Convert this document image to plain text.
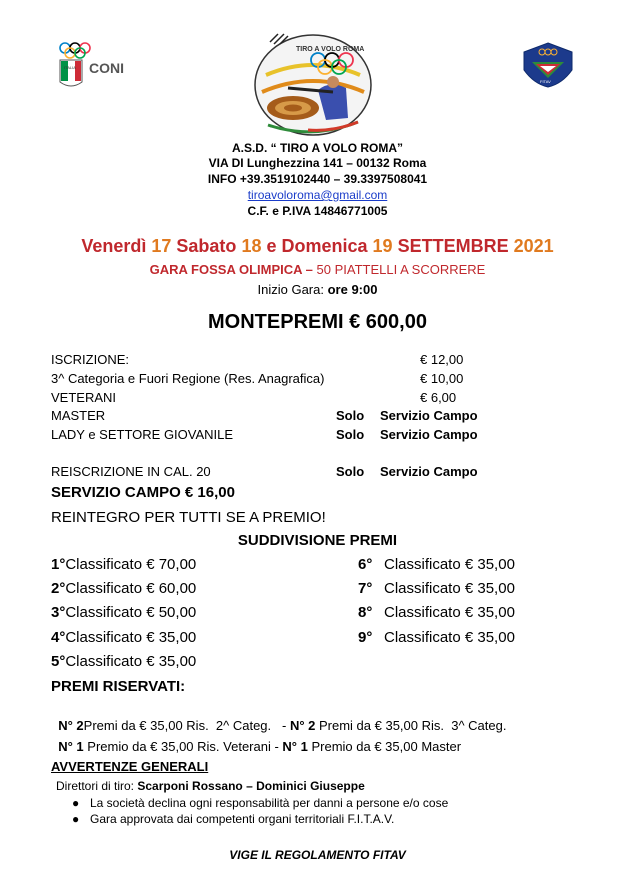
CONI
ITALIA
TIRO A VOLO ROMA
FITAV
A.S.D. “ TIRO A VOLO ROMA”
VIA DI Lunghezzina 141 – 00132 Roma
INFO +39.3519102440 – 39.3397508041
tiroavoloroma@gmail.com
C.F. e P.IVA 14846771005
Venerdì 17 Sabato 18 e Domenica 19 SETTEMBRE 2021
GARA FOSSA OLIMPICA – 50 PIATTELLI A SCORRERE
Inizio Gara: ore 9:00
MONTEPREMI € 600,00
ISCRIZIONE:	€ 12,00
3^ Categoria e Fuori Regione (Res. Anagrafica)	€ 10,00
VETERANI	€ 6,00
MASTER	Solo Servizio Campo
LADY e SETTORE GIOVANILE	Solo Servizio Campo
REISCRIZIONE IN CAL. 20	Solo Servizio Campo
SERVIZIO CAMPO € 16,00
REINTEGRO PER TUTTI SE A PREMIO!
SUDDIVISIONE PREMI
1°Classificato € 70,00
2°Classificato € 60,00
3°Classificato € 50,00
4°Classificato € 35,00
5°Classificato € 35,00
6° Classificato € 35,00
7° Classificato € 35,00
8° Classificato € 35,00
9° Classificato € 35,00
PREMI RISERVATI:

N° 2Premi da € 35,00 Ris.  2^ Categ.   - N° 2 Premi da € 35,00 Ris.  3^ Categ.

N° 1 Premio da € 35,00 Ris. Veterani - N° 1 Premio da € 35,00 Master

AVVERTENZE GENERALI
Direttori di tiro: Scarponi Rossano – Dominici Giuseppe
● La società declina ogni responsabilità per danni a persone e/o cose
● Gara approvata dai competenti organi territoriali F.I.T.A.V.
VIGE IL REGOLAMENTO FITAV
